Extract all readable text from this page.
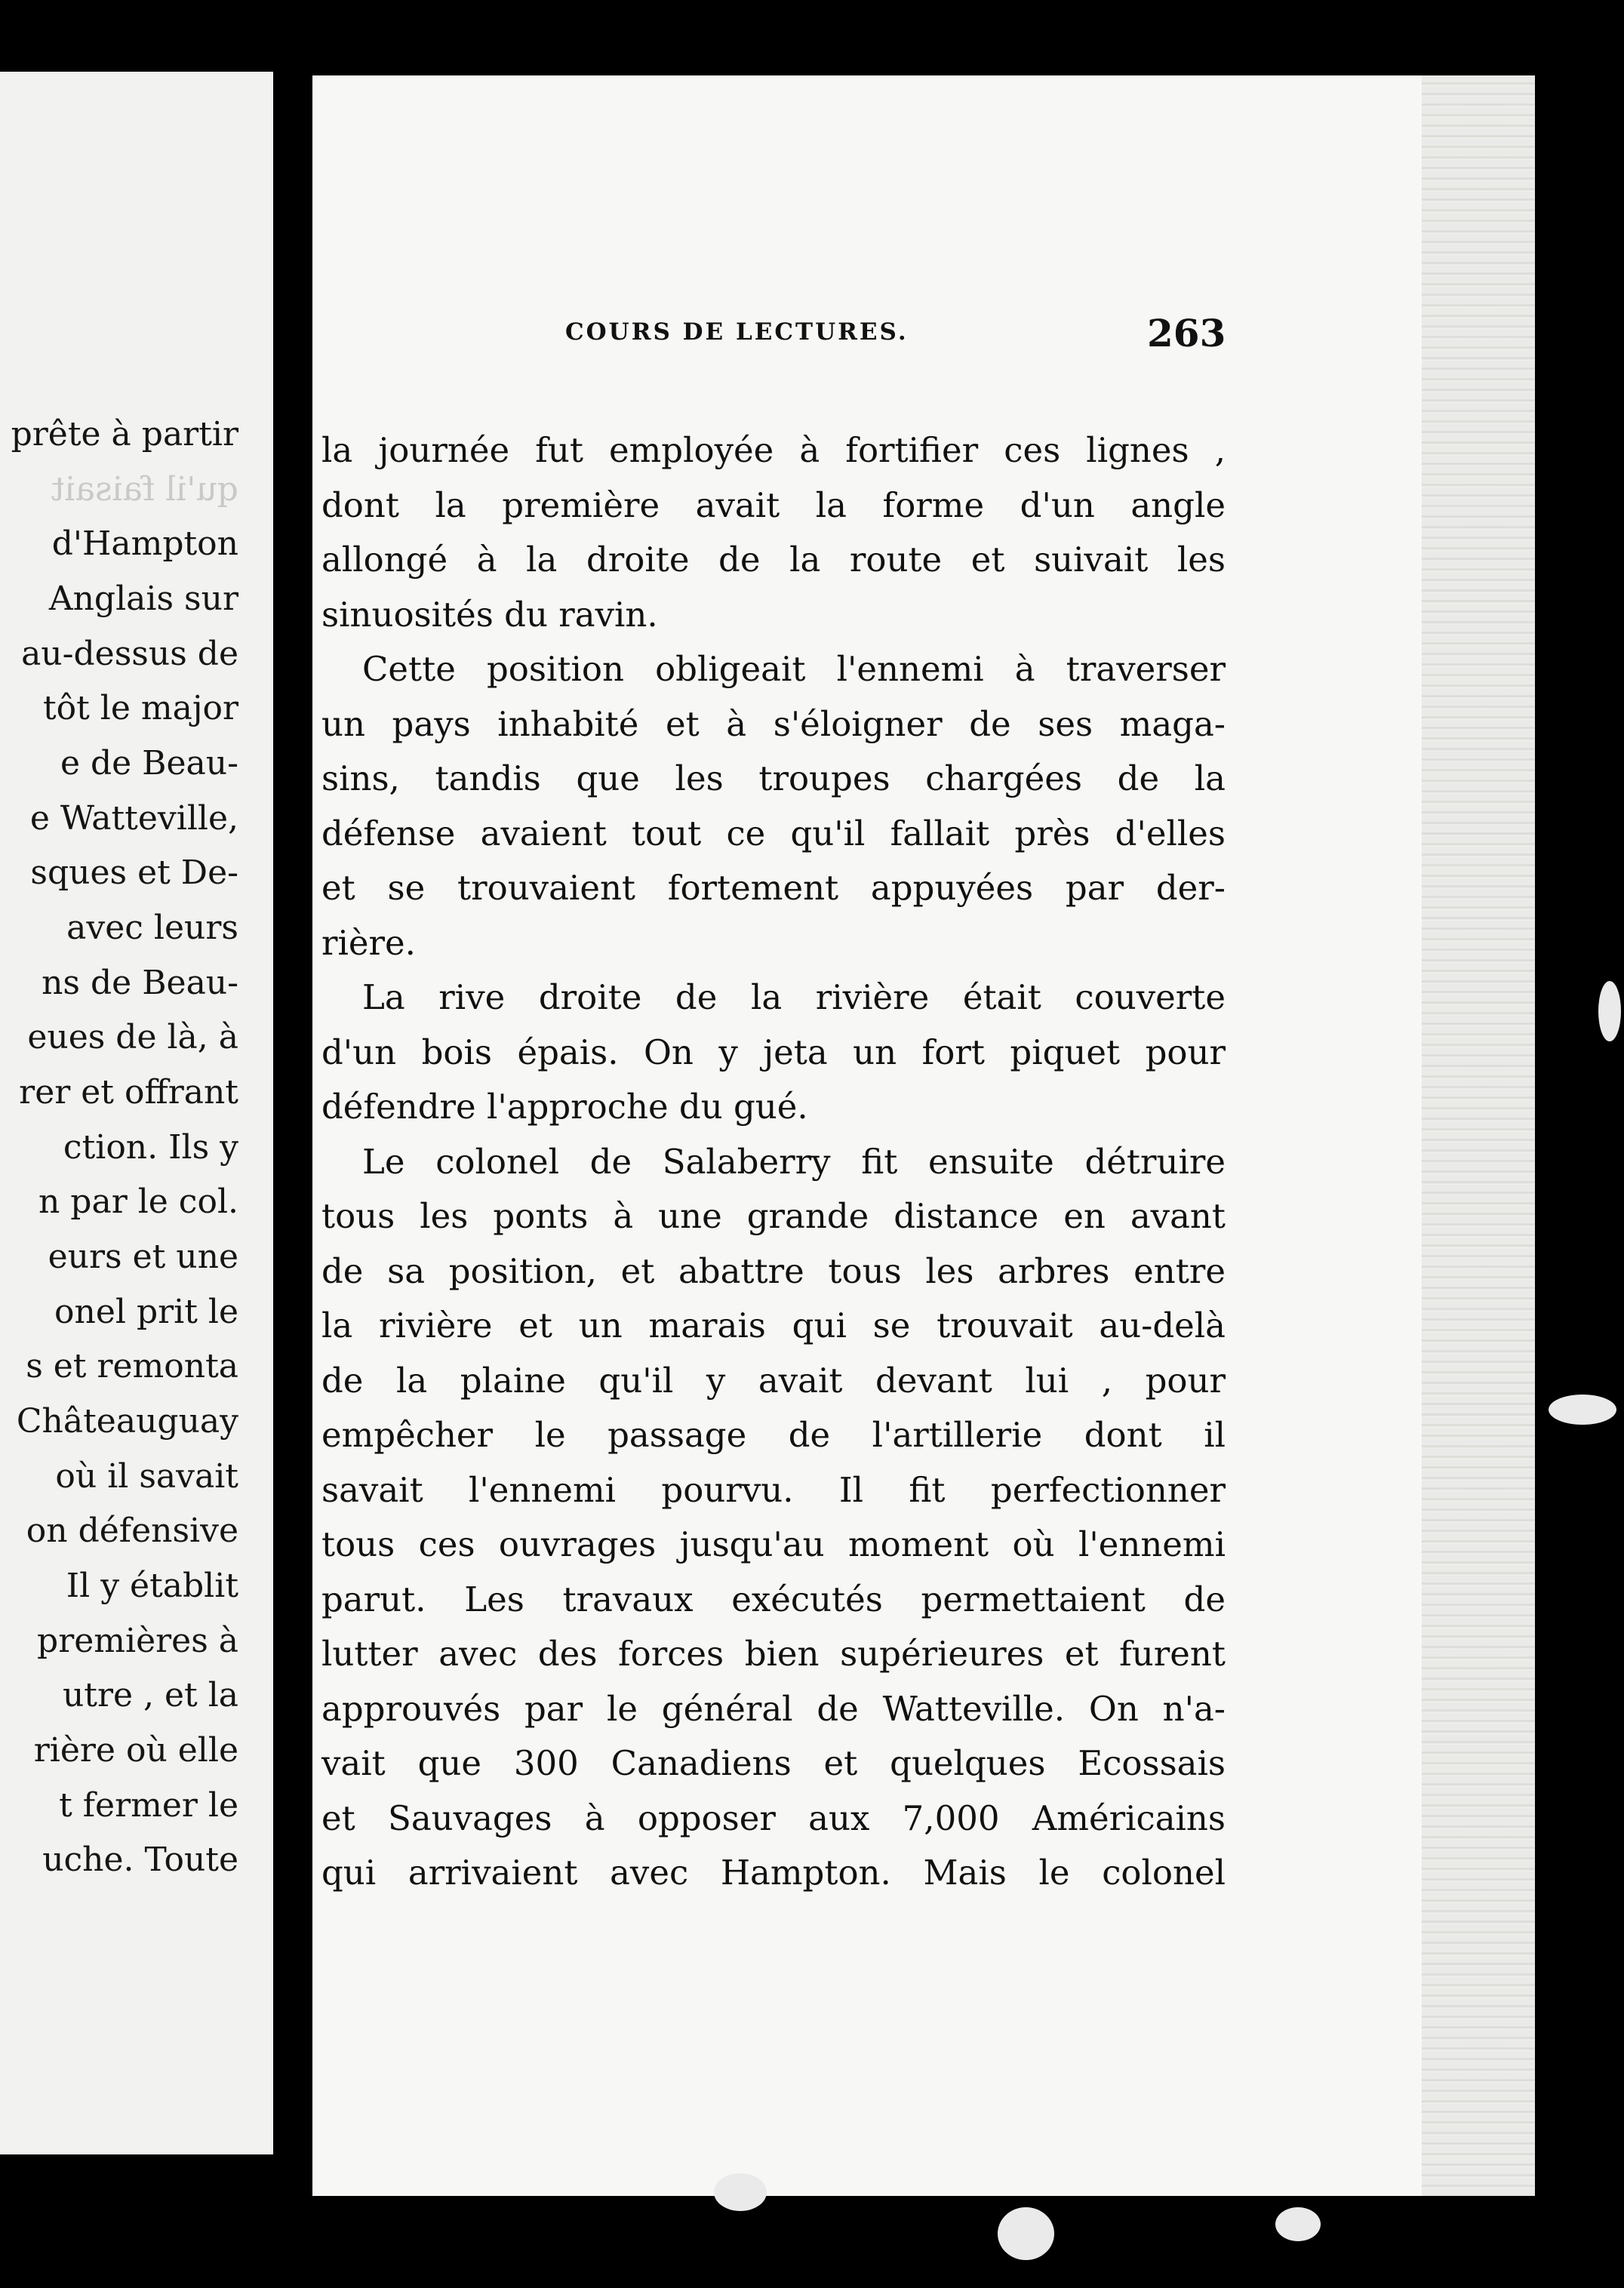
prête à partir
qu'il faisait
d'Hampton
Anglais sur
au-dessus de
tôt le major
e de Beau-
e Watteville,
sques et De-
avec leurs
ns de Beau-
eues de là, à
rer et offrant
ction. Ils y
n par le col.
eurs et une
onel prit le
s et remonta
Châteauguay
où il savait
on défensive
Il y établit
premières à
utre , et la
rière où elle
t fermer le
uche. Toute
COURS DE LECTURES.	263
la journée fut employée à fortifier ces lignes ,
dont la première avait la forme d'un angle
allongé à la droite de la route et suivait les
sinuosités du ravin.
Cette position obligeait l'ennemi à traverser
un pays inhabité et à s'éloigner de ses maga-
sins, tandis que les troupes chargées de la
défense avaient tout ce qu'il fallait près d'elles
et se trouvaient fortement appuyées par der-
rière.
La rive droite de la rivière était couverte
d'un bois épais. On y jeta un fort piquet pour
défendre l'approche du gué.
Le colonel de Salaberry fit ensuite détruire
tous les ponts à une grande distance en avant
de sa position, et abattre tous les arbres entre
la rivière et un marais qui se trouvait au-delà
de la plaine qu'il y avait devant lui , pour
empêcher le passage de l'artillerie dont il
savait l'ennemi pourvu. Il fit perfectionner
tous ces ouvrages jusqu'au moment où l'ennemi
parut. Les travaux exécutés permettaient de
lutter avec des forces bien supérieures et furent
approuvés par le général de Watteville. On n'a-
vait que 300 Canadiens et quelques Ecossais
et Sauvages à opposer aux 7,000 Américains
qui arrivaient avec Hampton. Mais le colonel
